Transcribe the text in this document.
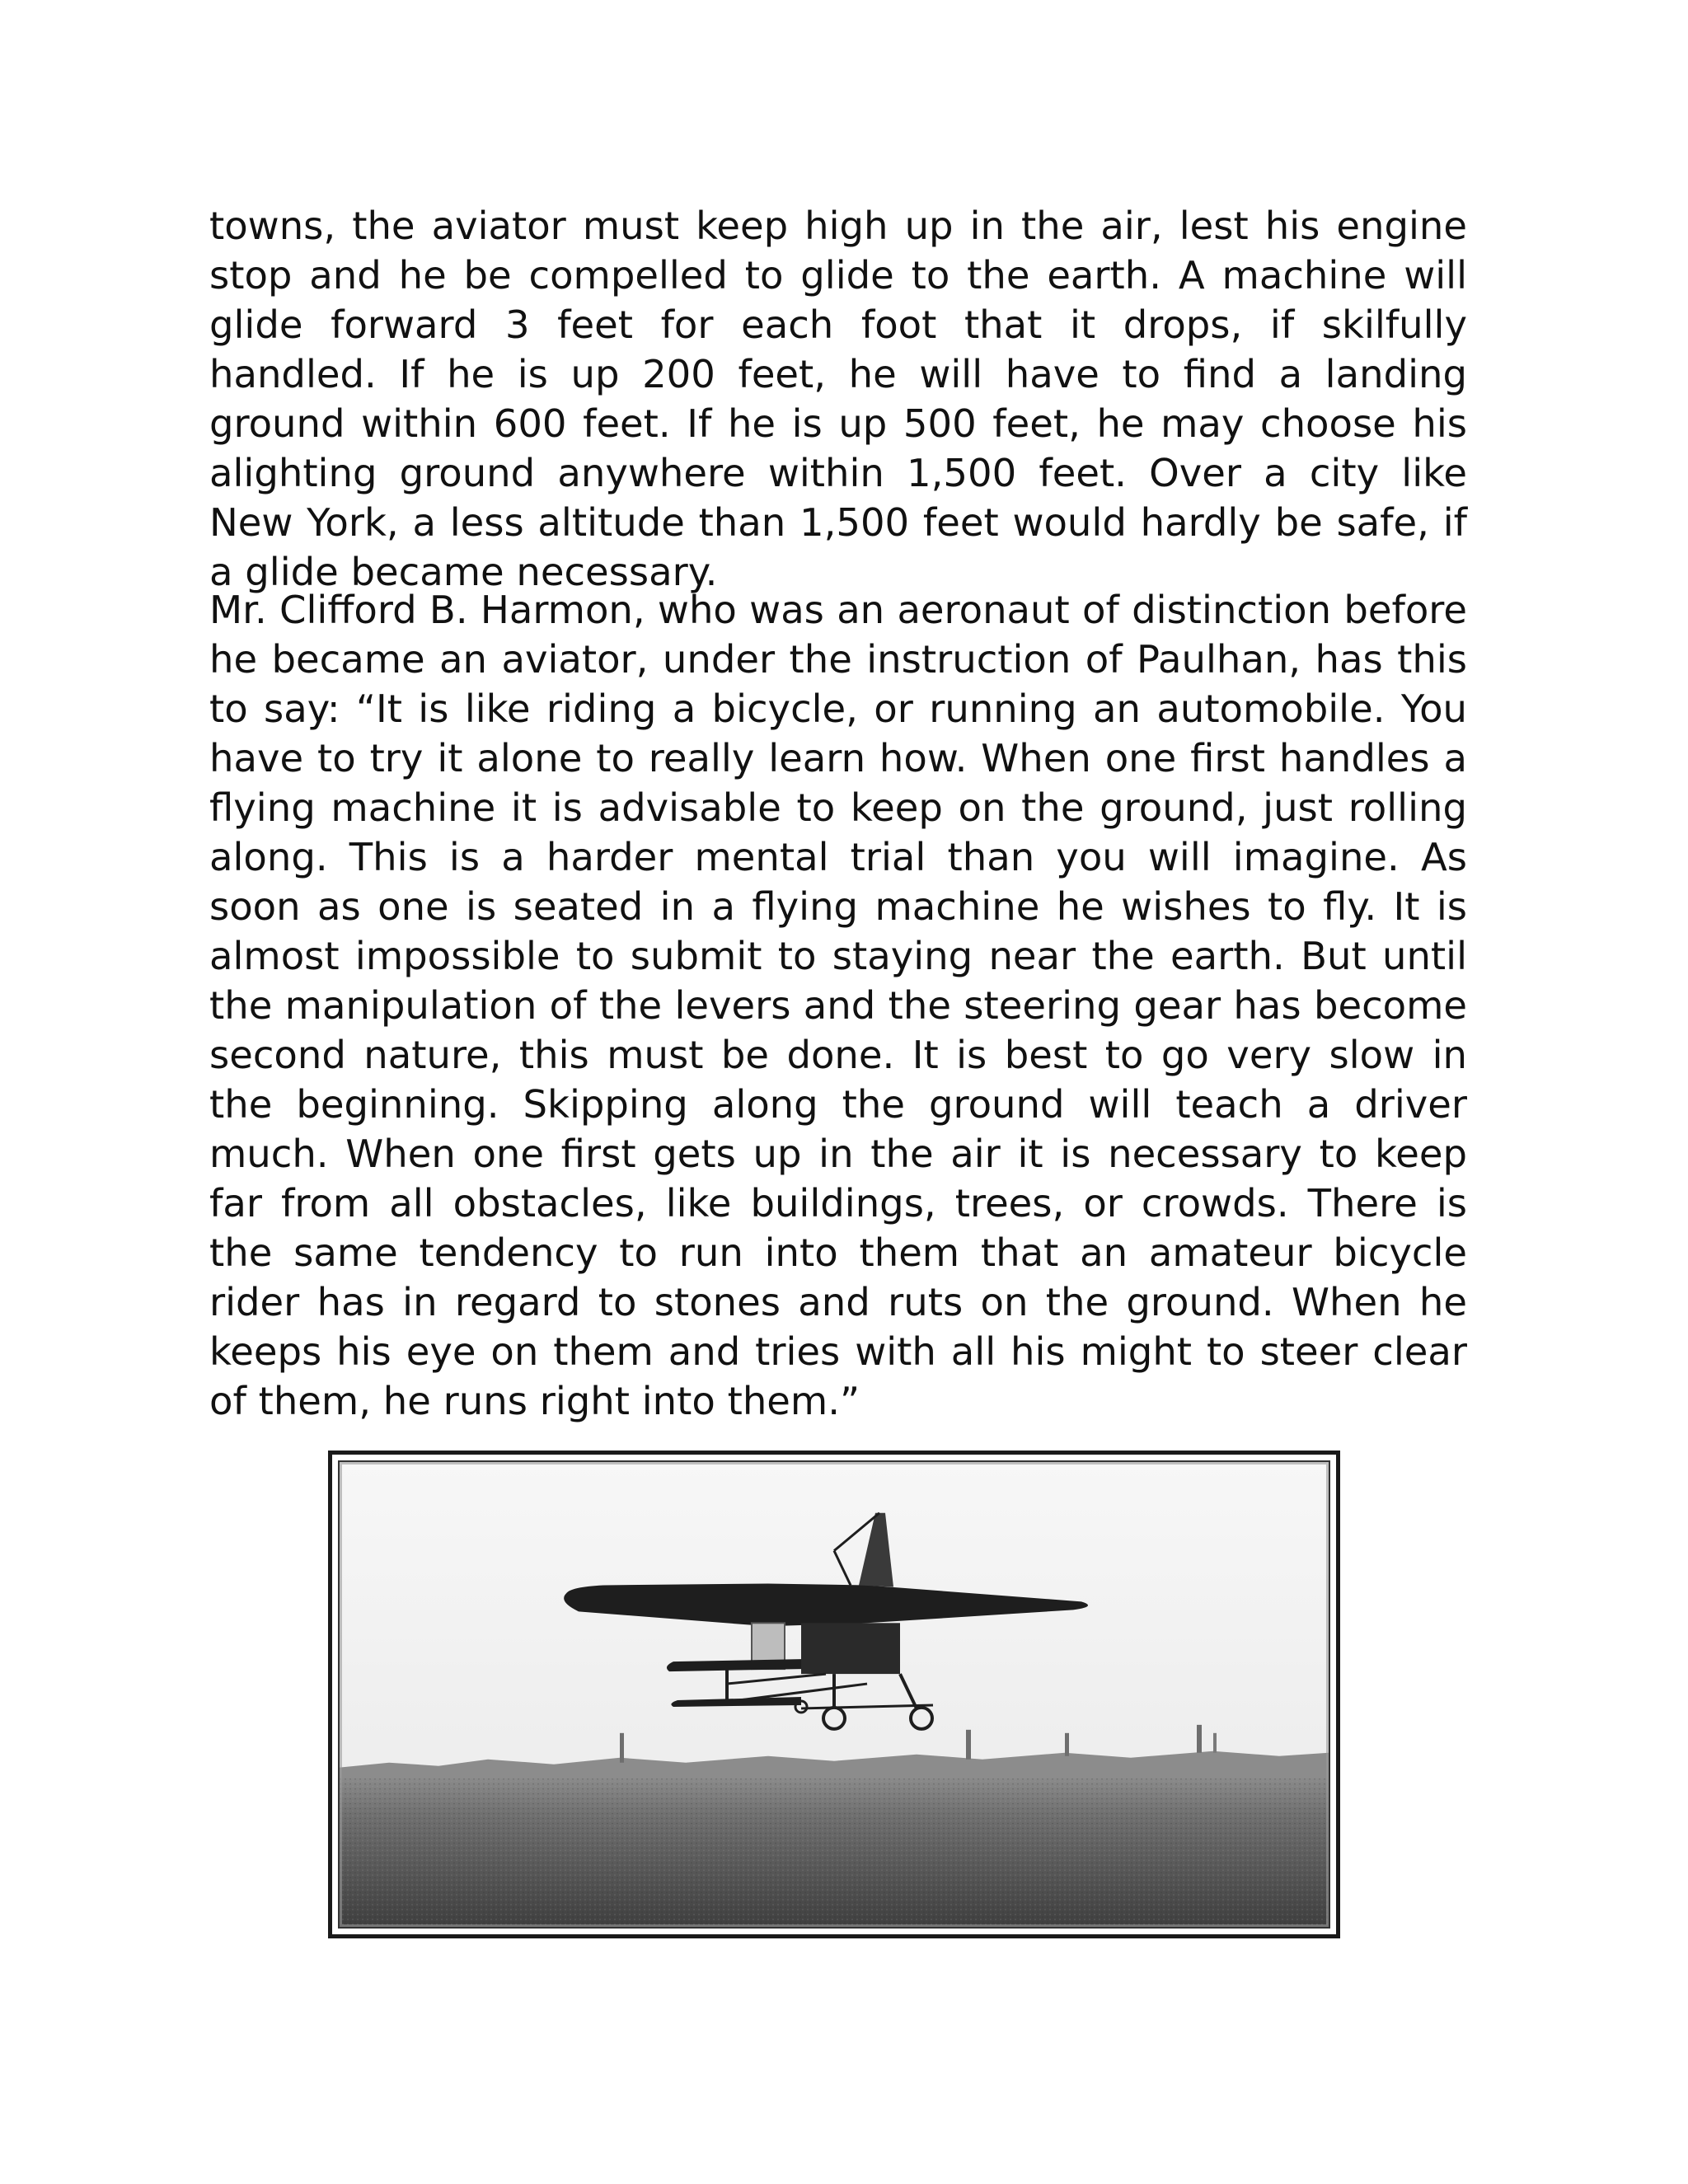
towns, the aviator must keep high up in the air, lest his engine stop and he be compelled to glide to the earth. A machine will glide forward 3 feet for each foot that it drops, if skilfully handled. If he is up 200 feet, he will have to find a landing ground within 600 feet. If he is up 500 feet, he may choose his alighting ground anywhere within 1,500 feet. Over a city like New York, a less altitude than 1,500 feet would hardly be safe, if a glide became necessary.

Mr. Clifford B. Harmon, who was an aeronaut of distinction before he became an aviator, under the instruction of Paulhan, has this to say: “It is like riding a bicycle, or running an automobile. You have to try it alone to really learn how. When one first handles a flying machine it is advisable to keep on the ground, just rolling along. This is a harder mental trial than you will imagine. As soon as one is seated in a flying machine he wishes to fly. It is almost impossible to submit to staying near the earth. But until the manipulation of the levers and the steering gear has become second nature, this must be done. It is best to go very slow in the beginning. Skipping along the ground will teach a driver much. When one first gets up in the air it is necessary to keep far from all obstacles, like buildings, trees, or crowds. There is the same tendency to run into them that an amateur bicycle rider has in regard to stones and ruts on the ground. When he keeps his eye on them and tries with all his might to steer clear of them, he runs right into them.”
